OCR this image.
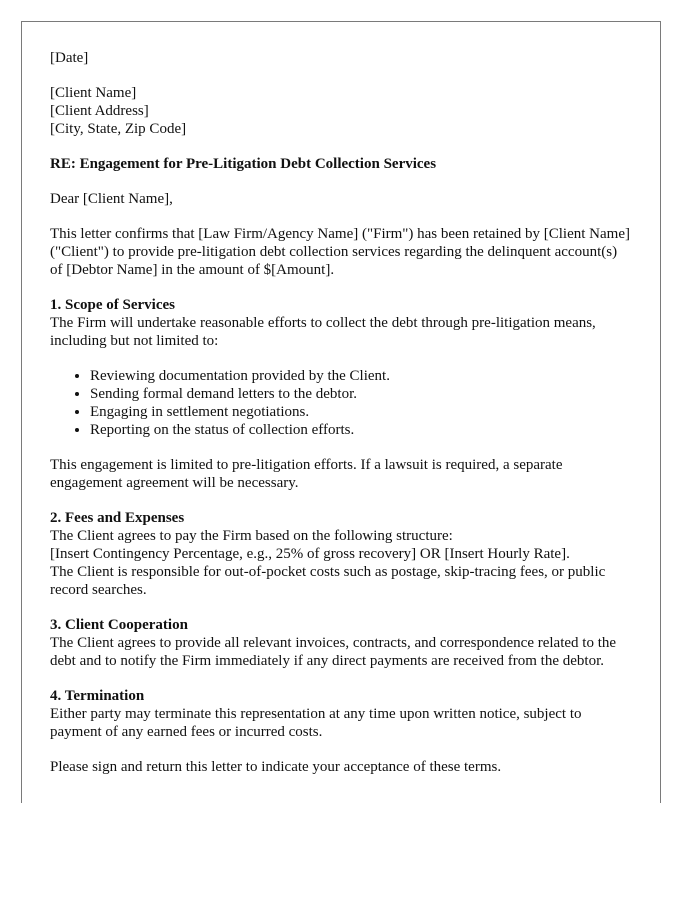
[Date]

[Client Name]

[Client Address]

[City, State, Zip Code]

RE: Engagement for Pre-Litigation Debt Collection Services

Dear [Client Name],

This letter confirms that [Law Firm/Agency Name] ("Firm") has been retained by [Client Name] ("Client") to provide pre-litigation debt collection services regarding the delinquent account(s) of [Debtor Name] in the amount of $[Amount].

1. Scope of Services

The Firm will undertake reasonable efforts to collect the debt through pre-litigation means, including but not limited to:

• Reviewing documentation provided by the Client.
• Sending formal demand letters to the debtor.
• Engaging in settlement negotiations.
• Reporting on the status of collection efforts.

This engagement is limited to pre-litigation efforts. If a lawsuit is required, a separate engagement agreement will be necessary.

2. Fees and Expenses

The Client agrees to pay the Firm based on the following structure:

[Insert Contingency Percentage, e.g., 25% of gross recovery] OR [Insert Hourly Rate].

The Client is responsible for out-of-pocket costs such as postage, skip-tracing fees, or public record searches.

3. Client Cooperation

The Client agrees to provide all relevant invoices, contracts, and correspondence related to the debt and to notify the Firm immediately if any direct payments are received from the debtor.

4. Termination

Either party may terminate this representation at any time upon written notice, subject to payment of any earned fees or incurred costs.

Please sign and return this letter to indicate your acceptance of these terms.
